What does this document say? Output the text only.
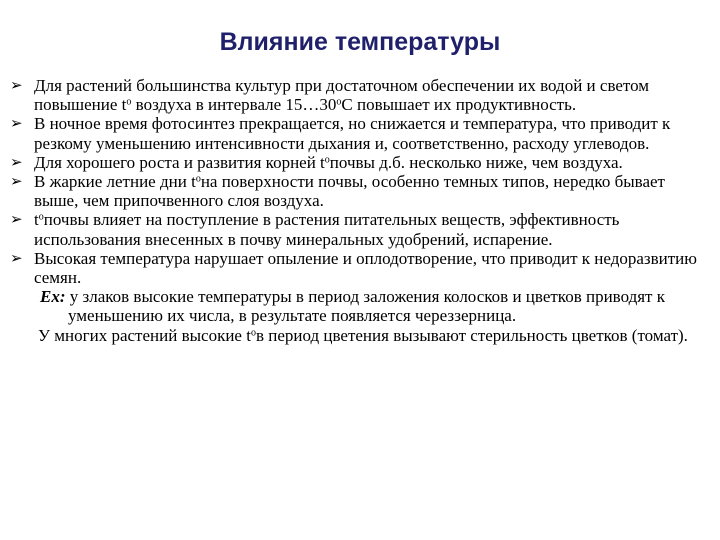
Влияние температуры
➢ Для растений большинства культур при достаточном обеспечении их водой и светом повышение $t^o$ воздуха в интервале 15…30$^o$С повышает их продуктивность.
➢ В ночное время фотосинтез прекращается, но снижается и температура, что приводит к резкому уменьшению интенсивности дыхания и, соответственно, расходу углеводов.
➢ Для хорошего роста и развития корней $t^oпочвы$ д.б. несколько ниже, чем воздуха.
➢ В жаркие летние дни $t^oна$ поверхности почвы, особенно темных типов, нередко бывает выше, чем припочвенного слоя воздуха.
➢ $t^oпочвы$ влияет на поступление в растения питательных веществ, эффективность использования внесенных в почву минеральных удобрений, испарение.
➢ Высокая температура нарушает опыление и оплодотворение, что приводит к недоразвитию семян.

Ex: у злаков высокие температуры в период заложения колосков и цветков приводят к уменьшению их числа, в результате появляется череззерница.

У многих растений высокие $t^oв$ период цветения вызывают стерильность цветков (томат).
